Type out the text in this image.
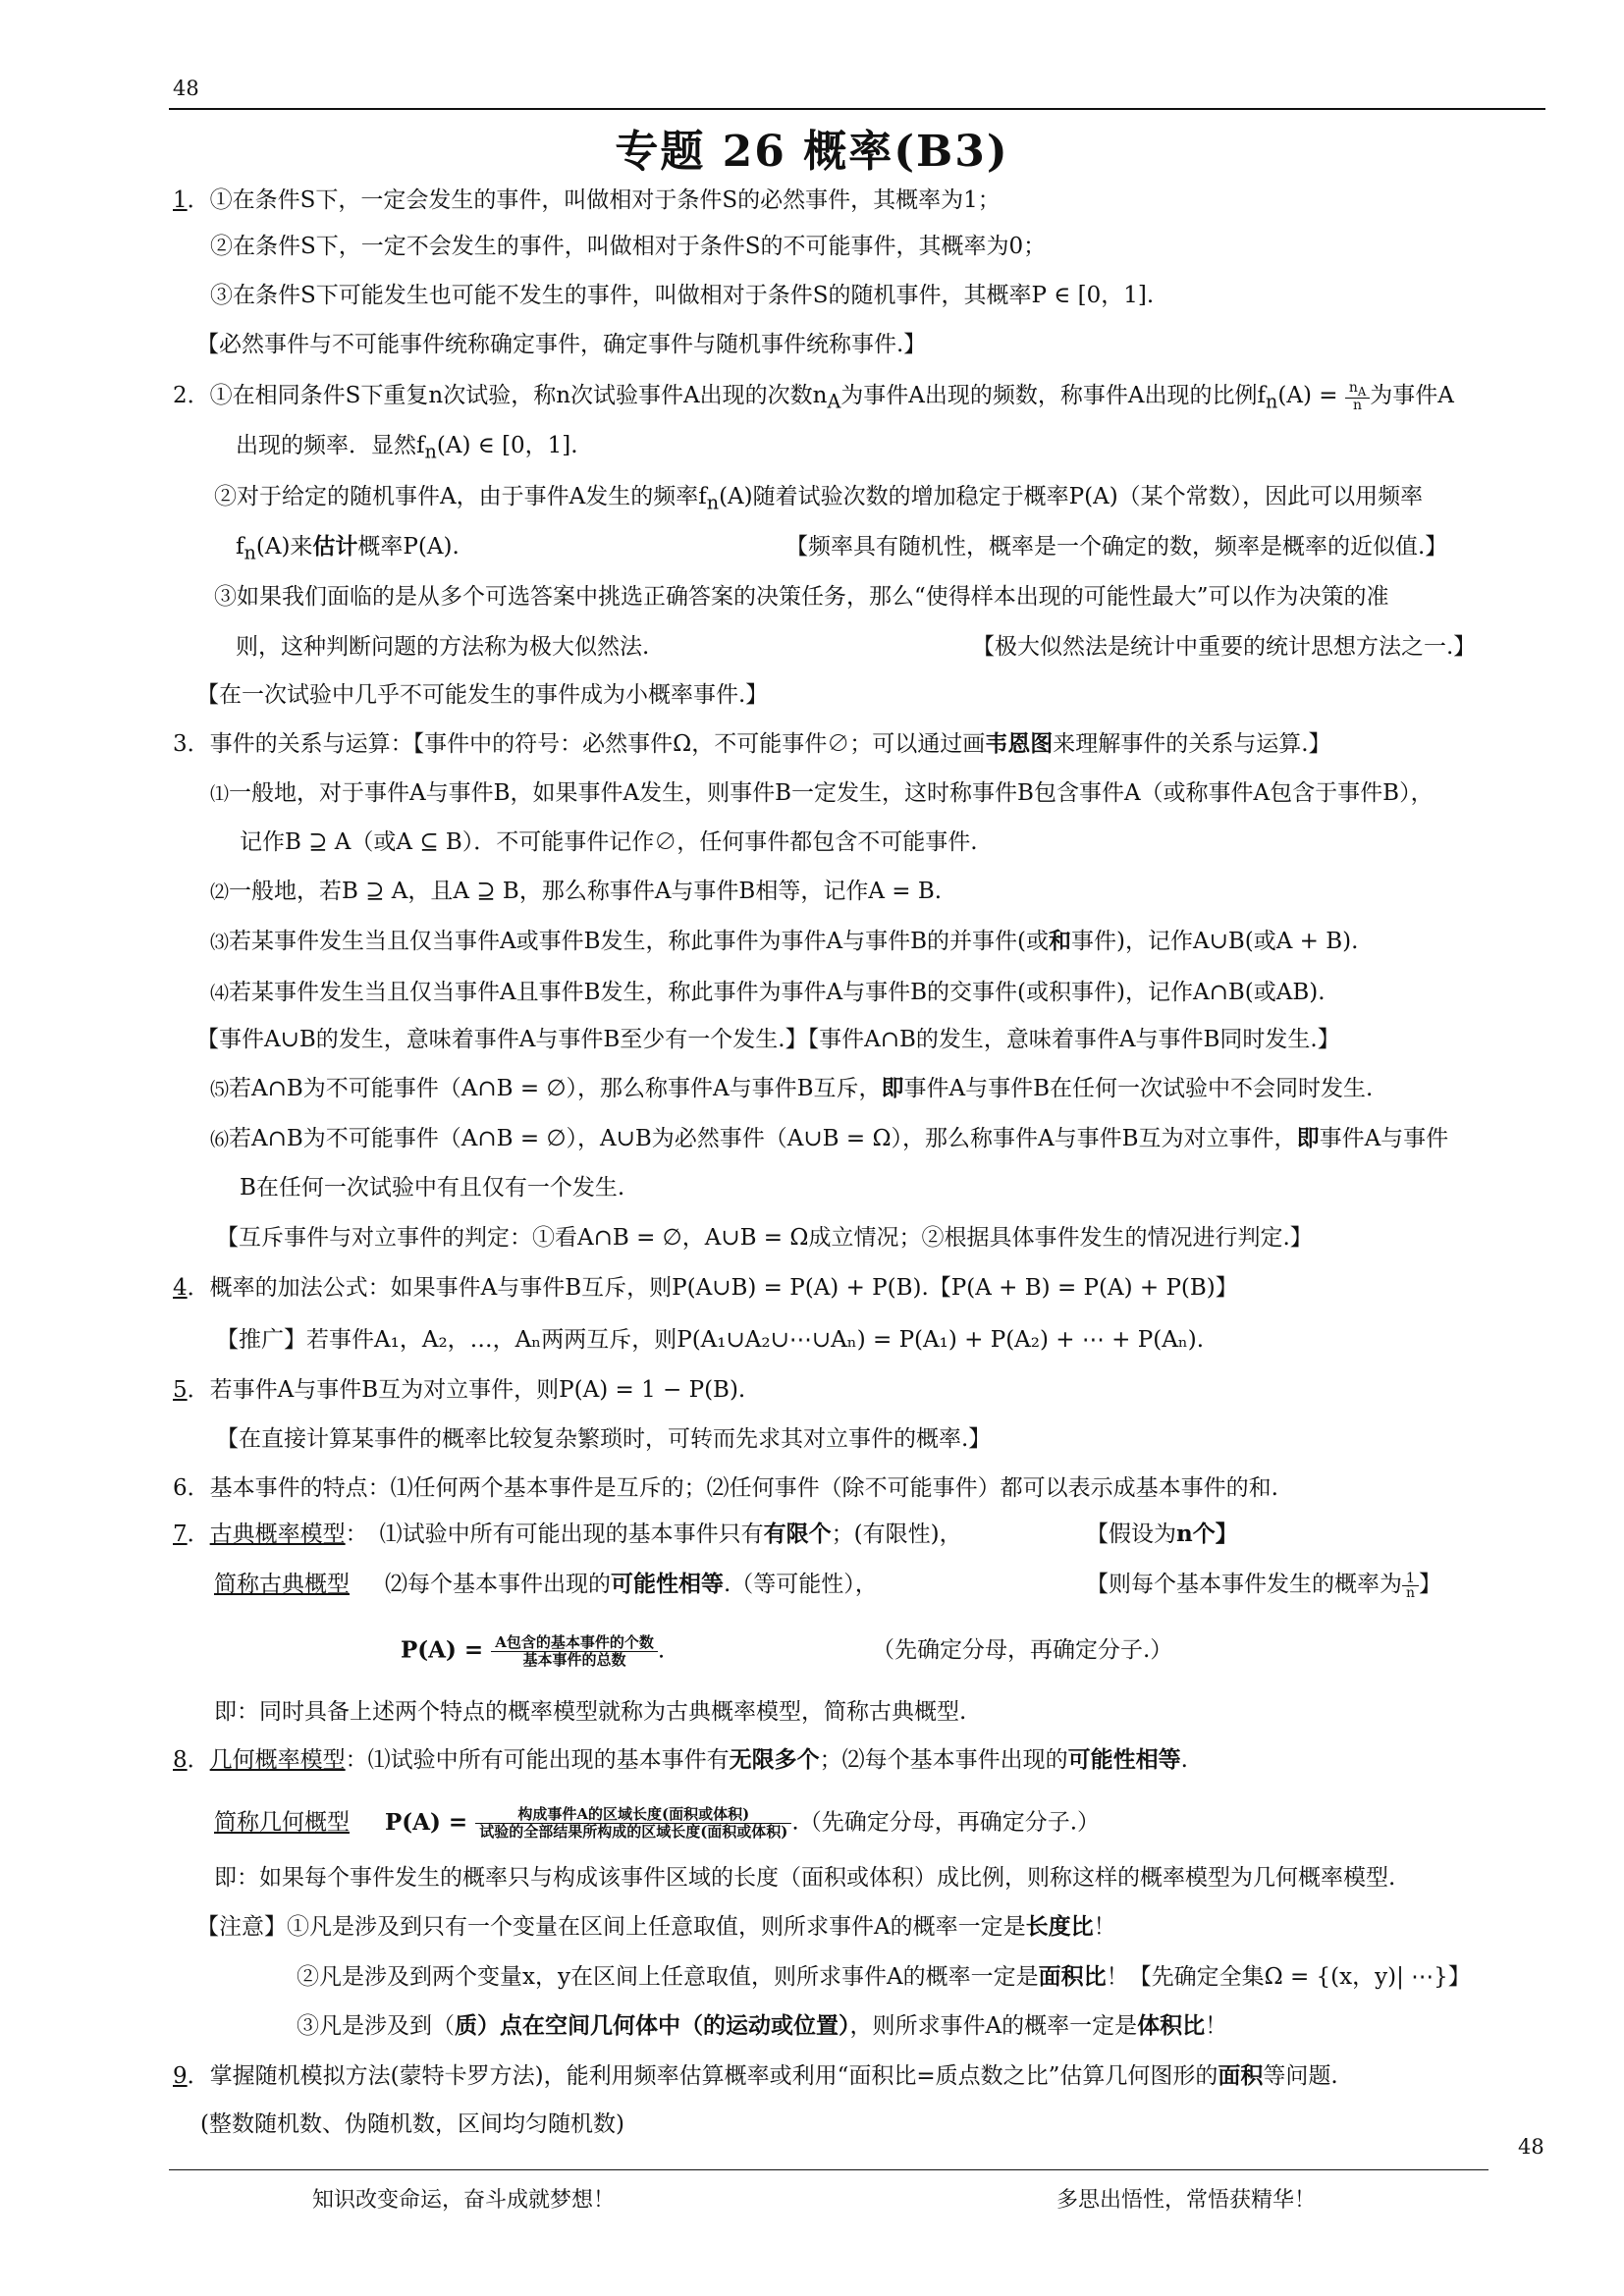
48
专题 26 概率(B3)
1．①在条件S下，一定会发生的事件，叫做相对于条件S的必然事件，其概率为1；
②在条件S下，一定不会发生的事件，叫做相对于条件S的不可能事件，其概率为0；
③在条件S下可能发生也可能不发生的事件，叫做相对于条件S的随机事件，其概率P ∈ [0，1].
【必然事件与不可能事件统称确定事件，确定事件与随机事件统称事件.】
2．①在相同条件S下重复n次试验，称n次试验事件A出现的次数$n_A$为事件A出现的频数，称事件A出现的比例$f_n(A) = \frac{n_A}{n}$ 为事件A
出现的频率．显然$f_n(A)$ ∈ [0，1].
②对于给定的随机事件A，由于事件A发生的频率$f_n(A)$随着试验次数的增加稳定于概率P(A)（某个常数），因此可以用频率
$f_n(A)$来估计概率P(A).	【频率具有随机性，概率是一个确定的数，频率是概率的近似值.】
③如果我们面临的是从多个可选答案中挑选正确答案的决策任务，那么“使得样本出现的可能性最大”可以作为决策的准
则，这种判断问题的方法称为极大似然法.	【极大似然法是统计中重要的统计思想方法之一.】
【在一次试验中几乎不可能发生的事件成为小概率事件.】
3．事件的关系与运算：【事件中的符号：必然事件Ω，不可能事件∅；可以通过画韦恩图来理解事件的关系与运算.】
⑴一般地，对于事件A与事件B，如果事件A发生，则事件B一定发生，这时称事件B包含事件A（或称事件A包含于事件B），
记作B ⊇ A（或A ⊆ B）．不可能事件记作∅，任何事件都包含不可能事件.
⑵一般地，若B ⊇ A，且A ⊇ B，那么称事件A与事件B相等，记作A = B.
⑶若某事件发生当且仅当事件A或事件B发生，称此事件为事件A与事件B的并事件(或和事件)，记作A∪B(或A + B).
⑷若某事件发生当且仅当事件A且事件B发生，称此事件为事件A与事件B的交事件(或积事件)，记作A∩B(或AB).
【事件A∪B的发生，意味着事件A与事件B至少有一个发生.】【事件A∩B的发生，意味着事件A与事件B同时发生.】
⑸若A∩B为不可能事件（A∩B = ∅），那么称事件A与事件B互斥，即事件A与事件B在任何一次试验中不会同时发生.
⑹若A∩B为不可能事件（A∩B = ∅），A∪B为必然事件（A∪B = Ω），那么称事件A与事件B互为对立事件，即事件A与事件
B在任何一次试验中有且仅有一个发生.
【互斥事件与对立事件的判定：①看A∩B = ∅，A∪B = Ω成立情况；②根据具体事件发生的情况进行判定.】
4．概率的加法公式：如果事件A与事件B互斥，则P(A∪B) = P(A) + P(B).【P(A + B) = P(A) + P(B)】
【推广】若事件A₁，A₂，…，Aₙ两两互斥，则P(A₁∪A₂∪⋯∪Aₙ) = P(A₁) + P(A₂) + ⋯ + P(Aₙ).
5．若事件A与事件B互为对立事件，则P(A) = 1 − P(B).
【在直接计算某事件的概率比较复杂繁琐时，可转而先求其对立事件的概率.】
6．基本事件的特点：⑴任何两个基本事件是互斥的；⑵任何事件（除不可能事件）都可以表示成基本事件的和.
7．古典概率模型： ⑴试验中所有可能出现的基本事件只有有限个；(有限性)，	【假设为n个】
简称古典概型 ⑵每个基本事件出现的可能性相等.（等可能性），	【则每个基本事件发生的概率为 $\frac{1}{n}$ 】
$P(A) = \frac{\text{A包含的基本事件的个数}}{\text{基本事件的总数}}$ .	（先确定分母，再确定分子.）
即：同时具备上述两个特点的概率模型就称为古典概率模型，简称古典概型.
8．几何概率模型：⑴试验中所有可能出现的基本事件有无限多个；⑵每个基本事件出现的可能性相等.
简称几何概型 $P(A) = \frac{\text{构成事件A的区域长度(面积或体积)}}{\text{试验的全部结果所构成的区域长度(面积或体积)}}$ .（先确定分母，再确定分子.）
即：如果每个事件发生的概率只与构成该事件区域的长度（面积或体积）成比例，则称这样的概率模型为几何概率模型.
【注意】①凡是涉及到只有一个变量在区间上任意取值，则所求事件A的概率一定是长度比！
②凡是涉及到两个变量x，y在区间上任意取值，则所求事件A的概率一定是面积比！【先确定全集Ω = {(x，y)| ⋯}】
③凡是涉及到（质）点在空间几何体中（的运动或位置），则所求事件A的概率一定是体积比！
9．掌握随机模拟方法(蒙特卡罗方法)，能利用频率估算概率或利用“面积比=质点数之比”估算几何图形的面积等问题.
(整数随机数、伪随机数，区间均匀随机数)
48
知识改变命运，奋斗成就梦想！	多思出悟性，常悟获精华！
